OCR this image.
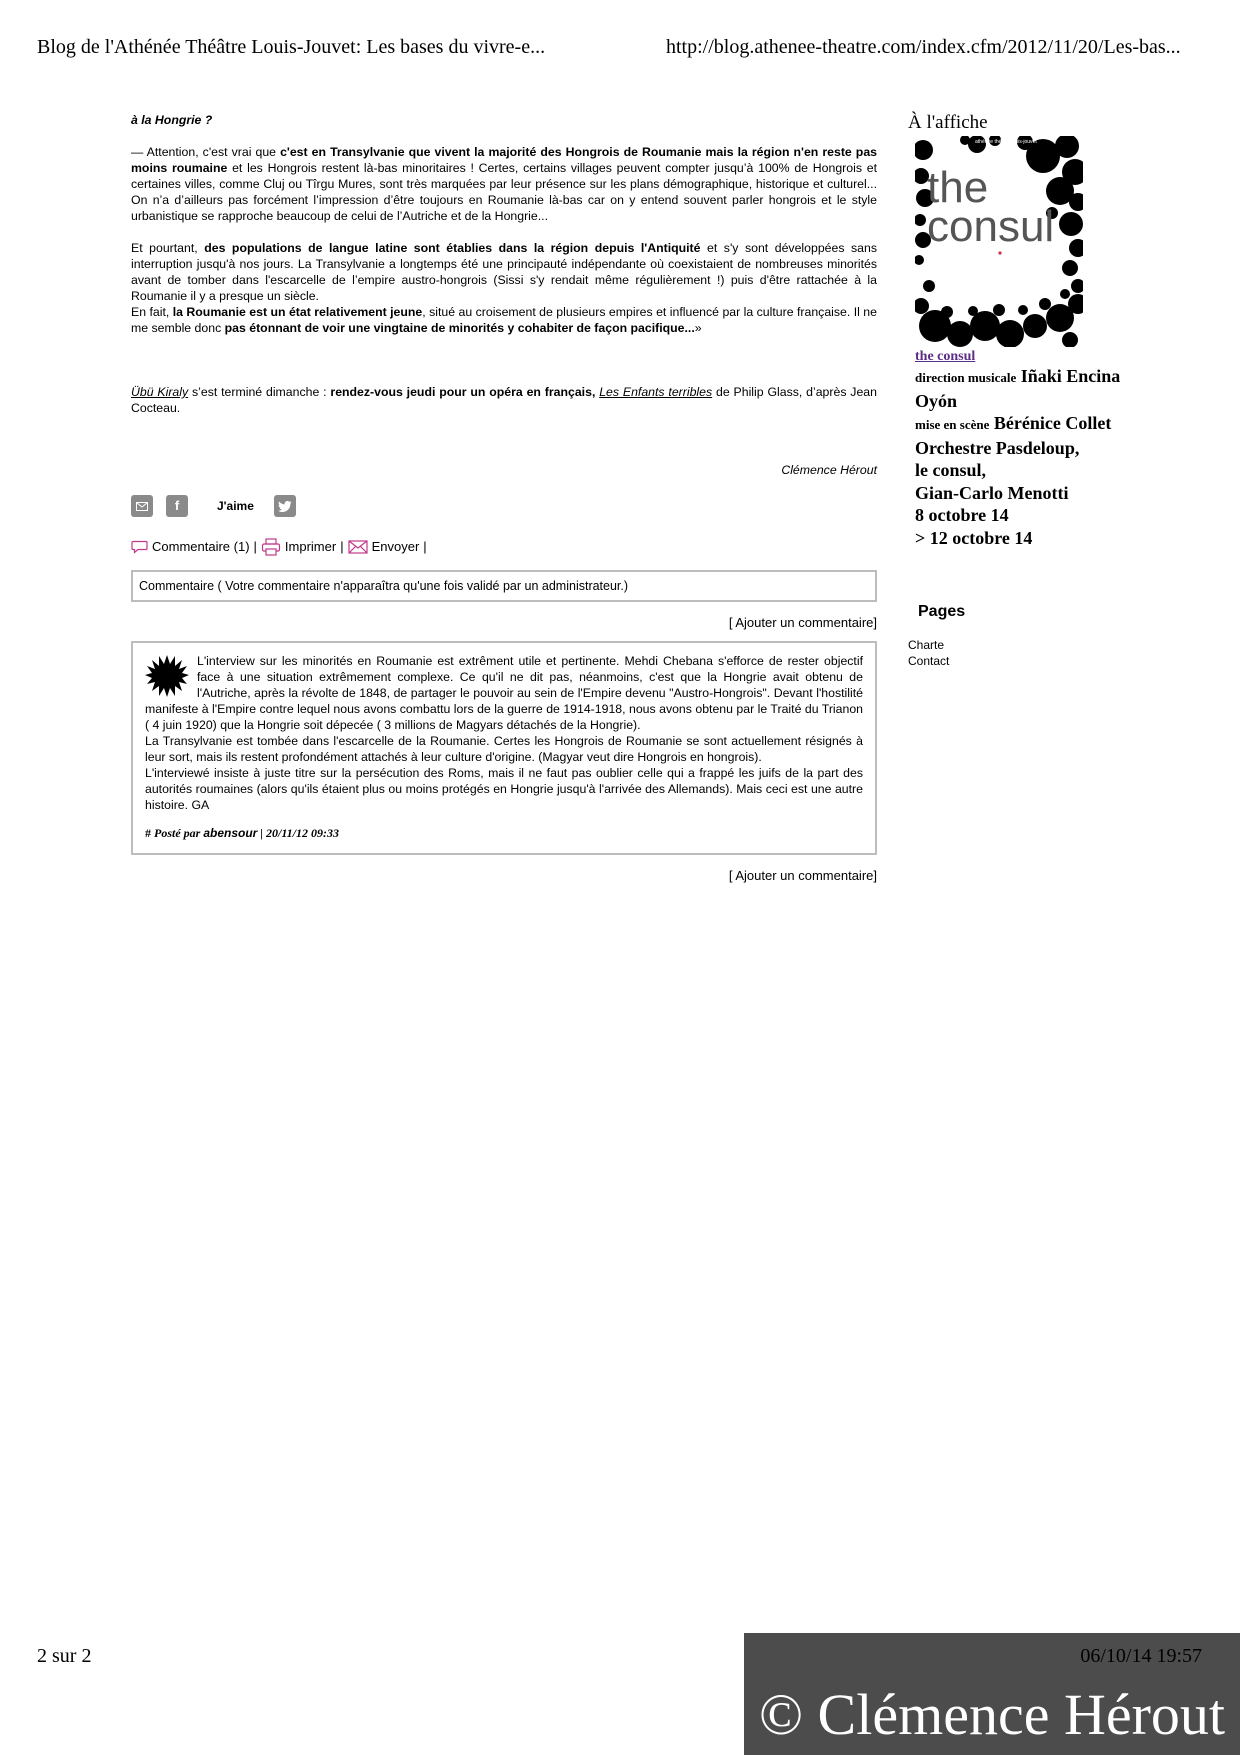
Blog de l'Athénée Théâtre Louis-Jouvet: Les bases du vivre-e...	http://blog.athenee-theatre.com/index.cfm/2012/11/20/Les-bas...

à la Hongrie ?

— Attention, c'est vrai que c'est en Transylvanie que vivent la majorité des Hongrois de Roumanie mais la région n'en reste pas moins roumaine et les Hongrois restent là-bas minoritaires ! Certes, certains villages peuvent compter jusqu’à 100% de Hongrois et certaines villes, comme Cluj ou Tîrgu Mures, sont très marquées par leur présence sur les plans démographique, historique et culturel... On n’a d’ailleurs pas forcément l’impression d’être toujours en Roumanie là-bas car on y entend souvent parler hongrois et le style urbanistique se rapproche beaucoup de celui de l’Autriche et de la Hongrie...

Et pourtant, des populations de langue latine sont établies dans la région depuis l'Antiquité et s'y sont développées sans interruption jusqu'à nos jours. La Transylvanie a longtemps été une principauté indépendante où coexistaient de nombreuses minorités avant de tomber dans l'escarcelle de l’empire austro-hongrois (Sissi s'y rendait même régulièrement !) puis d'être rattachée à la Roumanie il y a presque un siècle.

En fait, la Roumanie est un état relativement jeune, situé au croisement de plusieurs empires et influencé par la culture française. Il ne me semble donc pas étonnant de voir une vingtaine de minorités y cohabiter de façon pacifique...»

Übü Kiraly s’est terminé dimanche : rendez-vous jeudi pour un opéra en français, Les Enfants terribles de Philip Glass, d’après Jean Cocteau.

Clémence Hérout
f	J'aime
Commentaire (1) | Imprimer | Envoyer |
Commentaire ( Votre commentaire n'apparaîtra qu'une fois validé par un administrateur.)
[ Ajouter un commentaire]

L'interview sur les minorités en Roumanie est extrêment utile et pertinente. Mehdi Chebana s'efforce de rester objectif face à une situation extrêmement complexe. Ce qu'il ne dit pas, néanmoins, c'est que la Hongrie avait obtenu de l'Autriche, après la révolte de 1848, de partager le pouvoir au sein de l'Empire devenu "Austro-Hongrois". Devant l'hostilité manifeste à l'Empire contre lequel nous avons combattu lors de la guerre de 1914-1918, nous avons obtenu par le Traité du Trianon ( 4 juin 1920) que la Hongrie soit dépecée ( 3 millions de Magyars détachés de la Hongrie).

La Transylvanie est tombée dans l'escarcelle de la Roumanie. Certes les Hongrois de Roumanie se sont actuellement résignés à leur sort, mais ils restent profondément attachés à leur culture d'origine. (Magyar veut dire Hongrois en hongrois).

L'interviewé insiste à juste titre sur la persécution des Roms, mais il ne faut pas oublier celle qui a frappé les juifs de la part des autorités roumaines (alors qu'ils étaient plus ou moins protégés en Hongrie jusqu'à l'arrivée des Allemands). Mais ceci est une autre histoire. GA

# Posté par abensour | 20/11/12 09:33
[ Ajouter un commentaire]
À l'affiche
athénée théâtre louis-jouvet
the
consul
the consul
direction musicale Iñaki Encina Oyón
mise en scène Bérénice Collet
Orchestre Pasdeloup,
le consul,
Gian-Carlo Menotti
8 octobre 14
> 12 octobre 14
Pages
Charte
Contact
2 sur 2	06/10/14 19:57
© Clémence Hérout
